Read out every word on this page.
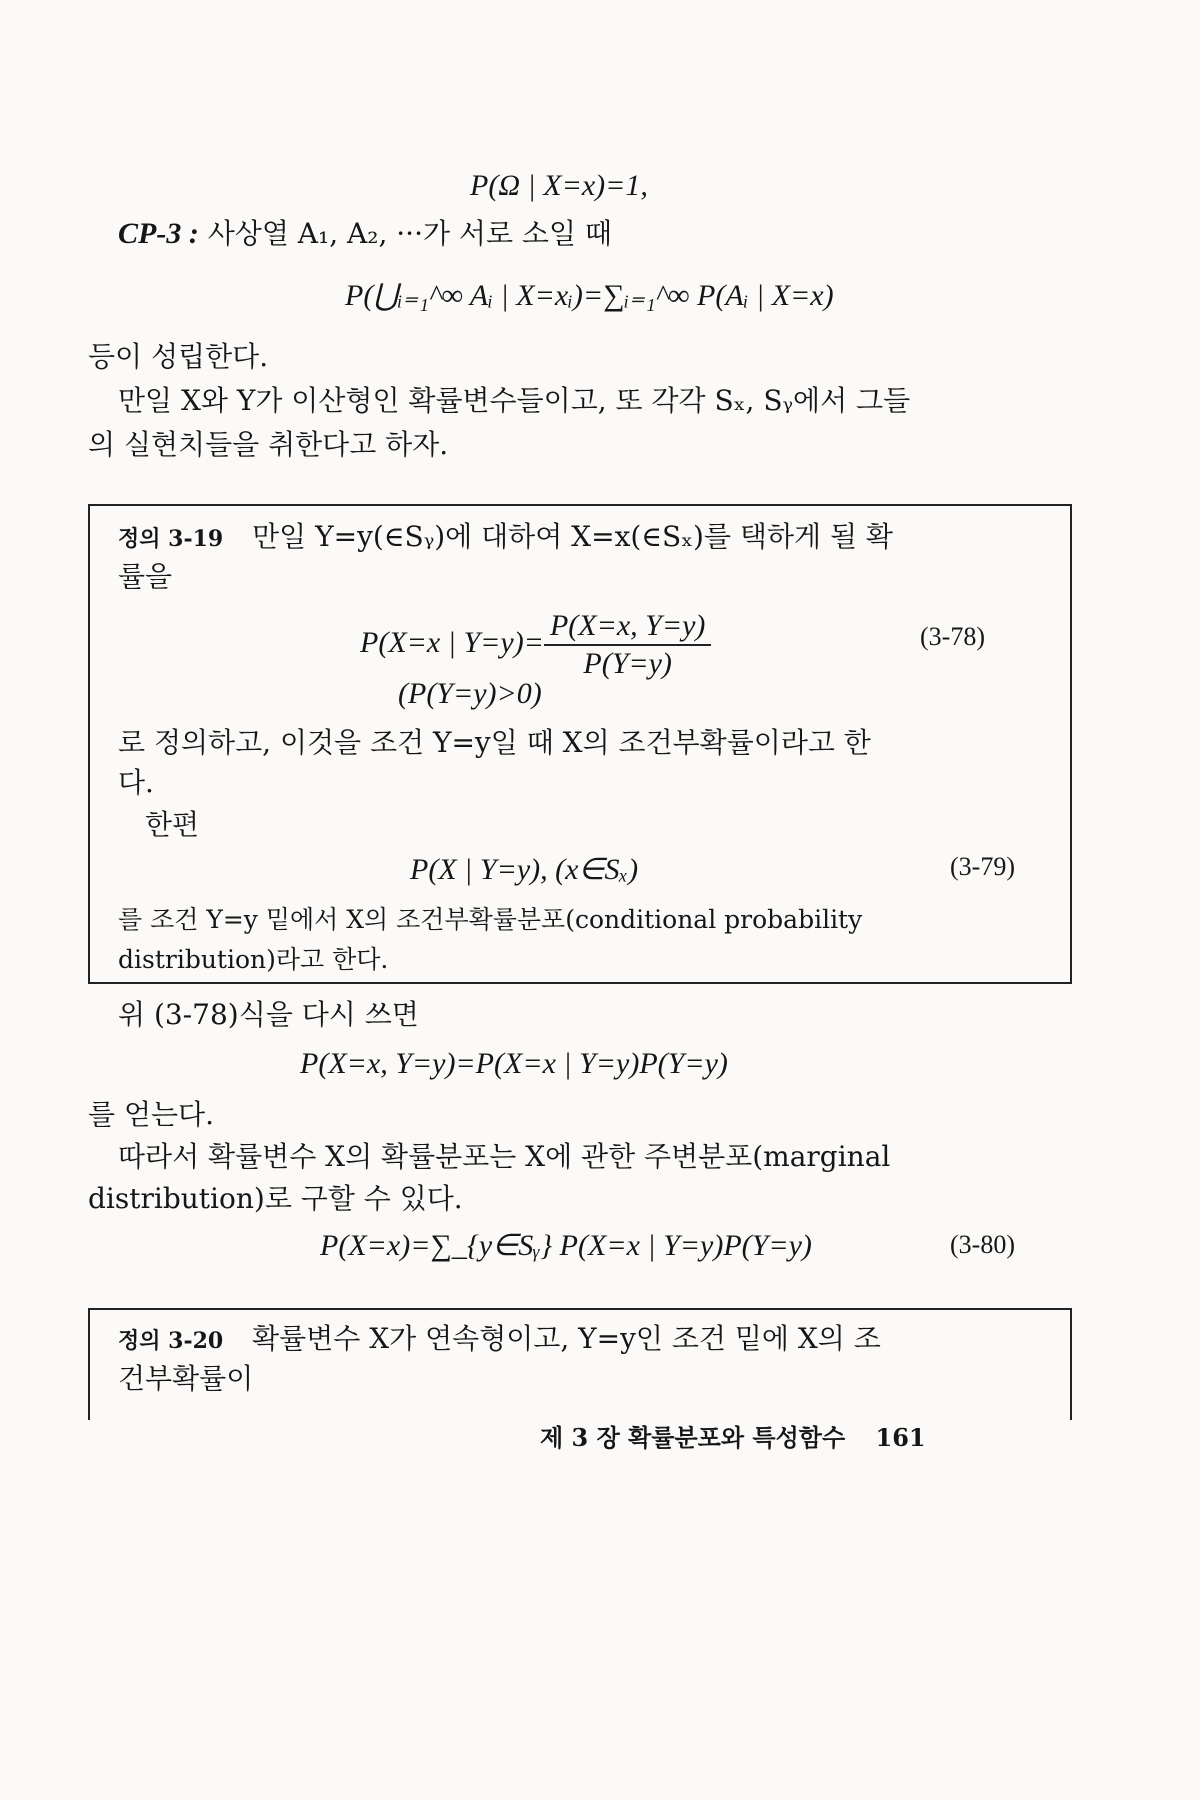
P(Ω | X=x)=1,
CP-3 : 사상열 A₁, A₂, ···가 서로 소일 때
P(⋃ᵢ₌₁^∞ Aᵢ | X=xᵢ)=∑ᵢ₌₁^∞ P(Aᵢ | X=x)
등이 성립한다.
만일 X와 Y가 이산형인 확률변수들이고, 또 각각 Sₓ, Sᵧ에서 그들
의 실현치들을 취한다고 하자.
정의 3-19 만일 Y=y(∈Sᵧ)에 대하여 X=x(∈Sₓ)를 택하게 될 확
률을
P(X=x | $Y=y)= \frac{P(X=x, Y=y)}{P(Y=y)}$	(3-78)
(P(Y=y)>0)
로 정의하고, 이것을 조건 Y=y일 때 X의 조건부확률이라고 한
다.
한편
P(X | Y=y), (x∈Sₓ)	(3-79)
를 조건 Y=y 밑에서 X의 조건부확률분포(conditional probability
distribution)라고 한다.
위 (3-78)식을 다시 쓰면
P(X=x, Y=y)=P(X=x | Y=y)P(Y=y)
를 얻는다.
따라서 확률변수 X의 확률분포는 X에 관한 주변분포(marginal
distribution)로 구할 수 있다.
P(X=x)=∑_{y∈Sᵧ} P(X=x | Y=y)P(Y=y)	(3-80)
정의 3-20 확률변수 X가 연속형이고, Y=y인 조건 밑에 X의 조
건부확률이
제 3 장 확률분포와 특성함수 161
